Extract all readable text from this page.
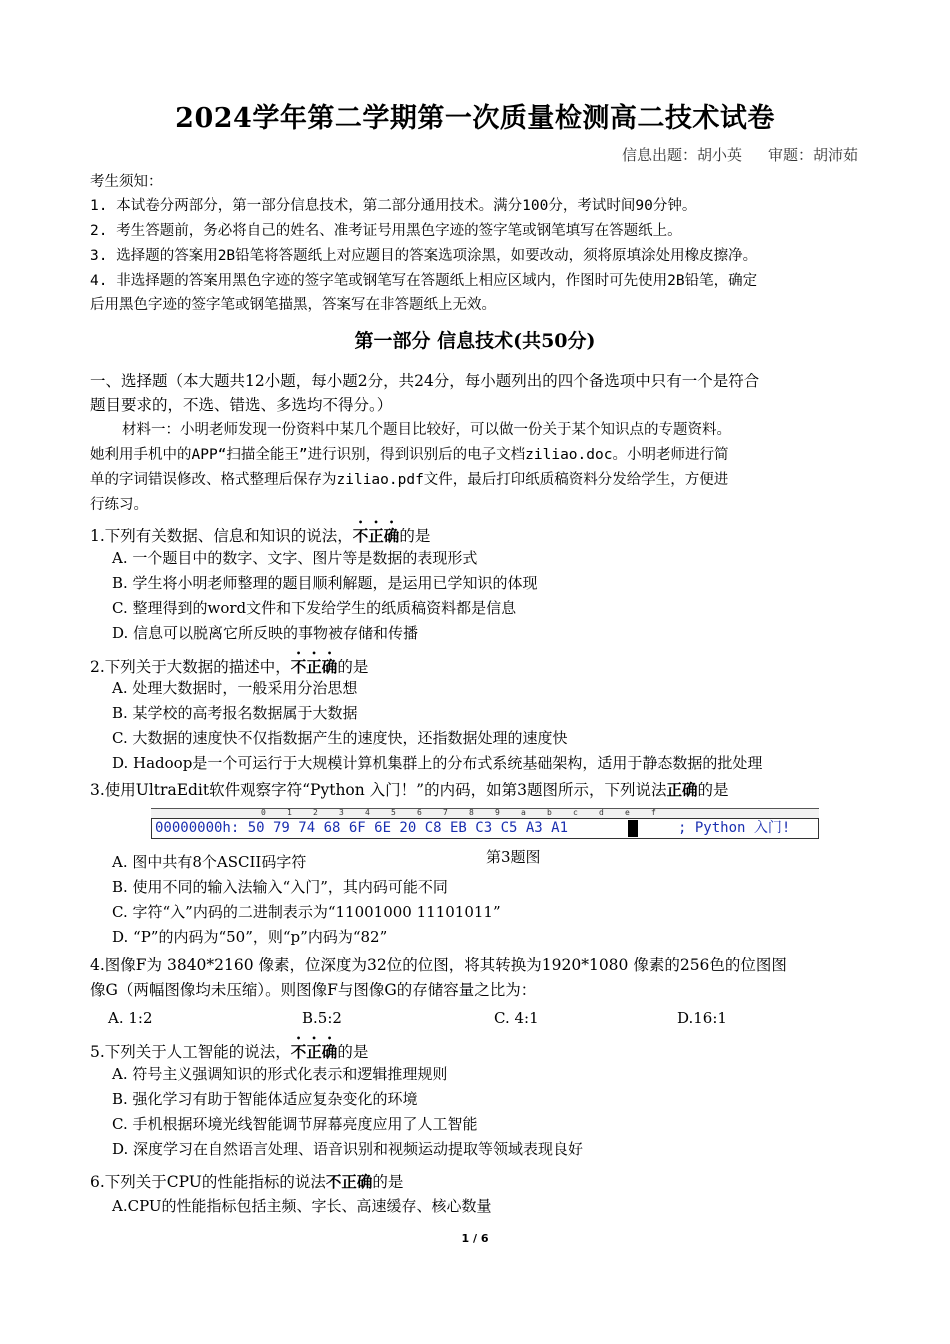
2024学年第二学期第一次质量检测高二技术试卷
信息出题：胡小英 审题：胡沛茹
考生须知：
1. 本试卷分两部分，第一部分信息技术，第二部分通用技术。满分100分，考试时间90分钟。
2. 考生答题前，务必将自己的姓名、准考证号用黑色字迹的签字笔或钢笔填写在答题纸上。
3. 选择题的答案用2B铅笔将答题纸上对应题目的答案选项涂黑，如要改动，须将原填涂处用橡皮擦净。
4. 非选择题的答案用黑色字迹的签字笔或钢笔写在答题纸上相应区域内，作图时可先使用2B铅笔，确定
后用黑色字迹的签字笔或钢笔描黑，答案写在非答题纸上无效。
第一部分 信息技术(共50分)
一、选择题（本大题共12小题，每小题2分，共24分，每小题列出的四个备选项中只有一个是符合
题目要求的，不选、错选、多选均不得分。）
材料一：小明老师发现一份资料中某几个题目比较好，可以做一份关于某个知识点的专题资料。
她利用手机中的APP“扫描全能王”进行识别，得到识别后的电子文档ziliao.doc。小明老师进行简
单的字词错误修改、格式整理后保存为ziliao.pdf文件，最后打印纸质稿资料分发给学生，方便进
行练习。
1.下列有关数据、信息和知识的说法，不正确的是
A. 一个题目中的数字、文字、图片等是数据的表现形式
B. 学生将小明老师整理的题目顺利解题，是运用已学知识的体现
C. 整理得到的word文件和下发给学生的纸质稿资料都是信息
D. 信息可以脱离它所反映的事物被存储和传播
2.下列关于大数据的描述中，不正确的是
A. 处理大数据时，一般采用分治思想
B. 某学校的高考报名数据属于大数据
C. 大数据的速度快不仅指数据产生的速度快，还指数据处理的速度快
D. Hadoop是一个可运行于大规模计算机集群上的分布式系统基础架构，适用于静态数据的批处理
3.使用UltraEdit软件观察字符“Python 入门！”的内码，如第3题图所示，下列说法正确的是
0	1	2	3	4	5	6	7	8	9	a	b	c	d	e	f
00000000h: 50 79 74 68 6F 6E 20 C8 EB C3 C5 A3 A1	; Python 入门!
A. 图中共有8个ASCII码字符	第3题图
B. 使用不同的输入法输入“入门”，其内码可能不同
C. 字符“入”内码的二进制表示为“11001000 11101011”
D. “P”的内码为“50”，则“p”内码为“82”
4.图像F为 3840*2160 像素，位深度为32位的位图，将其转换为1920*1080 像素的256色的位图图
像G（两幅图像均未压缩）。则图像F与图像G的存储容量之比为：
A. 1:2	B.5:2	C. 4:1	D.16:1
5.下列关于人工智能的说法，不正确的是
A. 符号主义强调知识的形式化表示和逻辑推理规则
B. 强化学习有助于智能体适应复杂变化的环境
C. 手机根据环境光线智能调节屏幕亮度应用了人工智能
D. 深度学习在自然语言处理、语音识别和视频运动提取等领域表现良好
6.下列关于CPU的性能指标的说法不正确的是
A.CPU的性能指标包括主频、字长、高速缓存、核心数量
1 / 6
